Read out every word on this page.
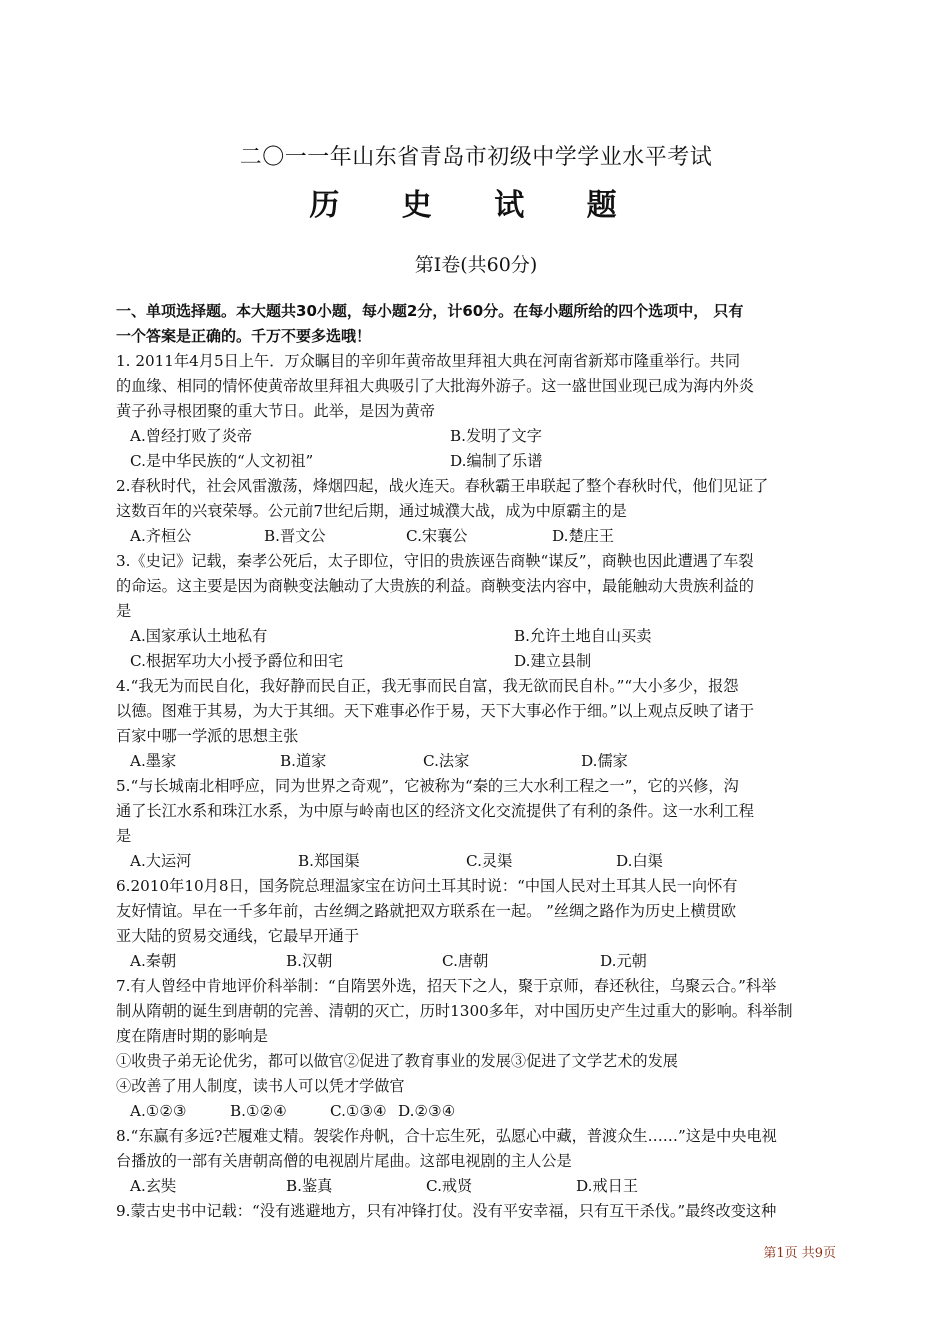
二〇一一年山东省青岛市初级中学学业水平考试
历 史 试 题
第Ⅰ卷(共60分)
一、单项选择题。本大题共30小题，每小题2分，计60分。在每小题所给的四个选项中， 只有
一个答案是正确的。千万不要多选哦！
1. 2011年4月5日上午．万众瞩目的辛卯年黄帝故里拜祖大典在河南省新郑市隆重举行。共同
的血缘、相同的情怀使黄帝故里拜祖大典吸引了大批海外游子。这一盛世国业现已成为海内外炎
黄子孙寻根团聚的重大节日。此举，是因为黄帝
A.曾经打败了炎帝	B.发明了文字
C.是中华民族的“人文初祖”	D.编制了乐谱
2.春秋时代，社会风雷激荡，烽烟四起，战火连天。春秋霸王串联起了整个春秋时代，他们见证了
这数百年的兴衰荣辱。公元前7世纪后期，通过城濮大战，成为中原霸主的是
A.齐桓公	B.晋文公	C.宋襄公	D.楚庄王
3.《史记》记载，秦孝公死后，太子即位，守旧的贵族诬告商鞅“谋反”，商鞅也因此遭遇了车裂
的命运。这主要是因为商鞅变法触动了大贵族的利益。商鞅变法内容中，最能触动大贵族利益的
是
A.国家承认土地私有	B.允许土地自山买卖
C.根据军功大小授予爵位和田宅	D.建立县制
4.“我无为而民自化，我好静而民自正，我无事而民自富，我无欲而民自朴。”“大小多少，报怨
以德。图难于其易，为大于其细。天下难事必作于易，天下大事必作于细。”以上观点反映了诸于
百家中哪一学派的思想主张
A.墨家	B.道家	C.法家	D.儒家
5.“与长城南北相呼应，同为世界之奇观”，它被称为“秦的三大水利工程之一”，它的兴修，沟
通了长江水系和珠江水系，为中原与岭南也区的经济文化交流提供了有利的条件。这一水利工程
是
A.大运河	B.郑国渠	C.灵渠	D.白渠
6.2010年10月8日，国务院总理温家宝在访问土耳其时说：“中国人民对土耳其人民一向怀有
友好情谊。早在一千多年前，古丝绸之路就把双方联系在一起。 ”丝绸之路作为历史上横贯欧
亚大陆的贸易交通线，它最早开通于
A.秦朝	B.汉朝	C.唐朝	D.元朝
7.有人曾经中肯地评价科举制：“自隋罢外选，招天下之人，聚于京师，春还秋往，乌聚云合。”科举
制从隋朝的诞生到唐朝的完善、清朝的灭亡，历时1300多年，对中国历史产生过重大的影响。科举制
度在隋唐时期的影响是
①收贵子弟无论优劣，都可以做官②促进了教育事业的发展③促进了文学艺术的发展
④改善了用人制度，读书人可以凭才学做官
A.①②③	B.①②④	C.①③④ D.②③④
8.“东赢有多远?芒履难丈精。袈裟作舟帆，合十忘生死，弘愿心中藏，普渡众生……”这是中央电视
台播放的一部有关唐朝高僧的电视剧片尾曲。这部电视剧的主人公是
A.玄奘	B.鉴真	C.戒贤	D.戒日王
9.蒙古史书中记载：“没有逃避地方，只有冲锋打仗。没有平安幸福，只有互干杀伐。”最终改变这种
第1页 共9页
